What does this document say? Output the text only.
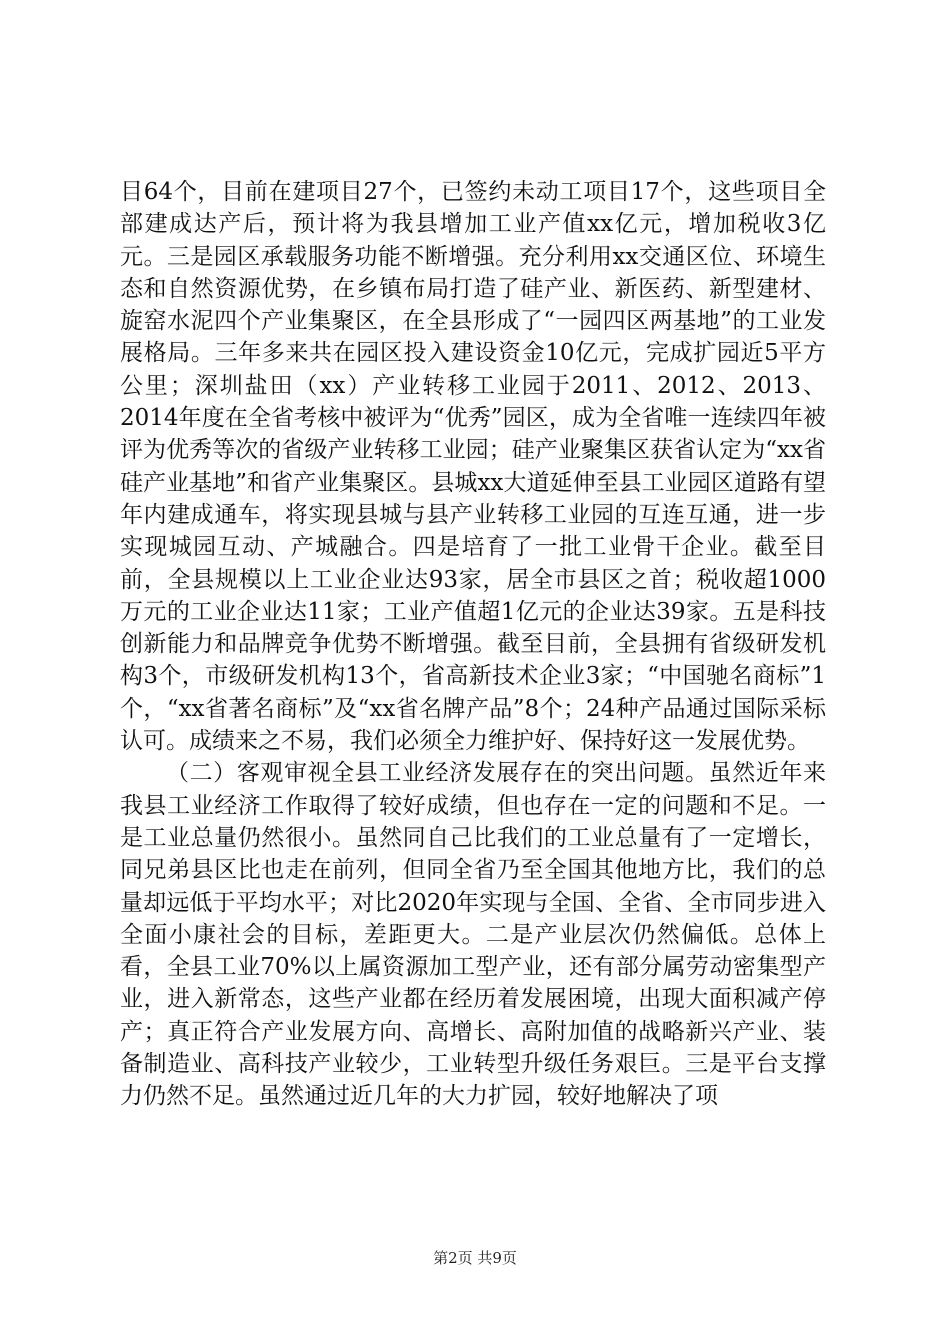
目64个，目前在建项目27个，已签约未动工项目17个，这些项目全部建成达产后，预计将为我县增加工业产值xx亿元，增加税收3亿元。三是园区承载服务功能不断增强。充分利用xx交通区位、环境生态和自然资源优势，在乡镇布局打造了硅产业、新医药、新型建材、旋窑水泥四个产业集聚区，在全县形成了“一园四区两基地”的工业发展格局。三年多来共在园区投入建设资金10亿元，完成扩园近5平方公里；深圳盐田（xx）产业转移工业园于2011、2012、2013、2014年度在全省考核中被评为“优秀”园区，成为全省唯一连续四年被评为优秀等次的省级产业转移工业园；硅产业聚集区获省认定为“xx省硅产业基地”和省产业集聚区。县城xx大道延伸至县工业园区道路有望年内建成通车，将实现县城与县产业转移工业园的互连互通，进一步实现城园互动、产城融合。四是培育了一批工业骨干企业。截至目前，全县规模以上工业企业达93家，居全市县区之首；税收超1000万元的工业企业达11家；工业产值超1亿元的企业达39家。五是科技创新能力和品牌竞争优势不断增强。截至目前，全县拥有省级研发机构3个，市级研发机构13个，省高新技术企业3家；“中国驰名商标”1个，“xx省著名商标”及“xx省名牌产品”8个；24种产品通过国际采标认可。成绩来之不易，我们必须全力维护好、保持好这一发展优势。

（二）客观审视全县工业经济发展存在的突出问题。虽然近年来我县工业经济工作取得了较好成绩，但也存在一定的问题和不足。一是工业总量仍然很小。虽然同自己比我们的工业总量有了一定增长，同兄弟县区比也走在前列，但同全省乃至全国其他地方比，我们的总量却远低于平均水平；对比2020年实现与全国、全省、全市同步进入全面小康社会的目标，差距更大。二是产业层次仍然偏低。总体上看，全县工业70%以上属资源加工型产业，还有部分属劳动密集型产业，进入新常态，这些产业都在经历着发展困境，出现大面积减产停产；真正符合产业发展方向、高增长、高附加值的战略新兴产业、装备制造业、高科技产业较少，工业转型升级任务艰巨。三是平台支撑力仍然不足。虽然通过近几年的大力扩园，较好地解决了项

第2页 共9页
